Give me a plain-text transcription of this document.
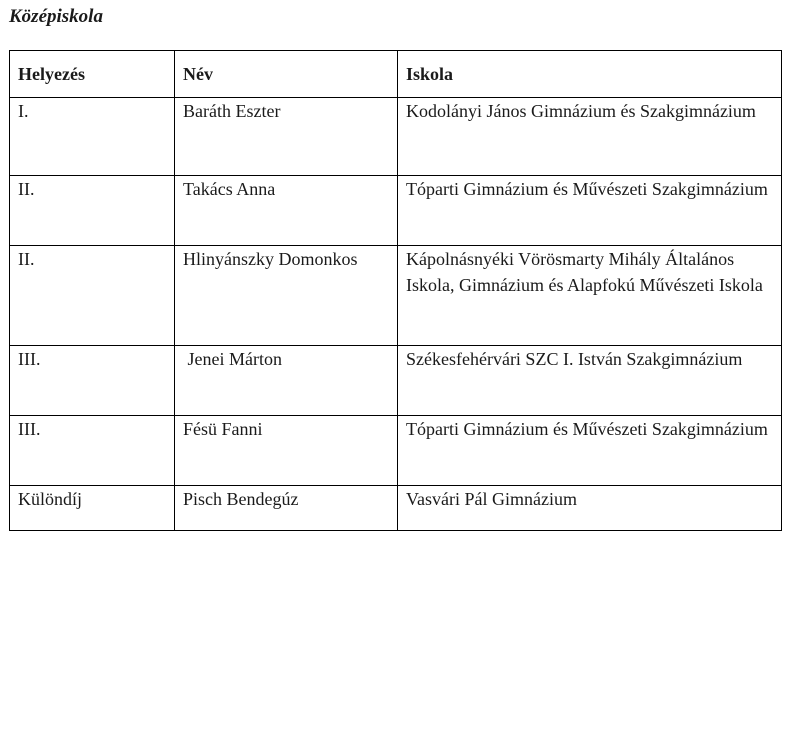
Középiskola
Helyezés	Név	Iskola
I.	Baráth Eszter	Kodolányi János Gimnázium és Szakgimnázium
II.	Takács Anna	Tóparti Gimnázium és Művészeti Szakgimnázium
II.	Hlinyánszky Domonkos	Kápolnásnyéki Vörösmarty Mihály Általános Iskola, Gimnázium és Alapfokú Művészeti Iskola
III.	Jenei Márton	Székesfehérvári SZC I. István Szakgimnázium
III.	Fésü Fanni	Tóparti Gimnázium és Művészeti Szakgimnázium
Különdíj	Pisch Bendegúz	Vasvári Pál Gimnázium
